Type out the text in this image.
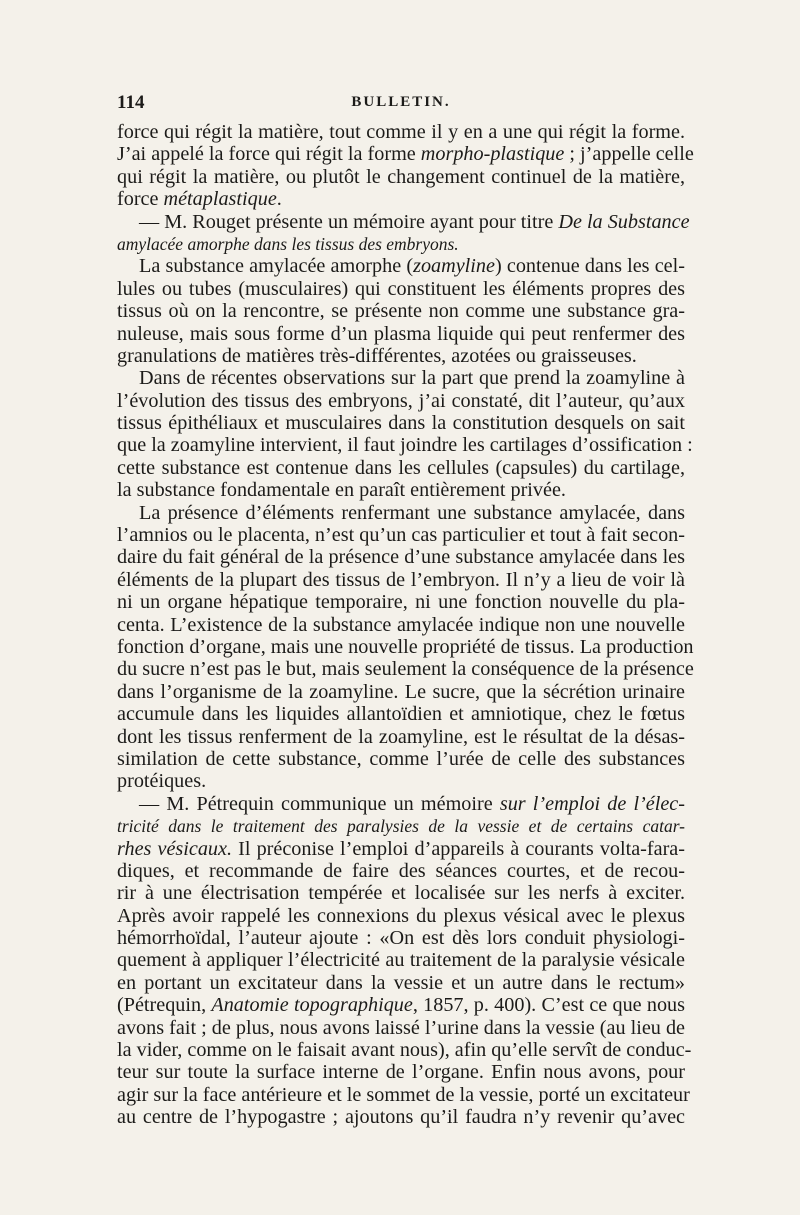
114	BULLETIN.
force qui régit la matière, tout comme il y en a une qui régit la forme.
J’ai appelé la force qui régit la forme morpho-plastique ; j’appelle celle
qui régit la matière, ou plutôt le changement continuel de la matière,
force métaplastique.
— M. Rouget présente un mémoire ayant pour titre De la Substance
amylacée amorphe dans les tissus des embryons.
La substance amylacée amorphe (zoamyline) contenue dans les cel-
lules ou tubes (musculaires) qui constituent les éléments propres des
tissus où on la rencontre, se présente non comme une substance gra-
nuleuse, mais sous forme d’un plasma liquide qui peut renfermer des
granulations de matières très-différentes, azotées ou graisseuses.
Dans de récentes observations sur la part que prend la zoamyline à
l’évolution des tissus des embryons, j’ai constaté, dit l’auteur, qu’aux
tissus épithéliaux et musculaires dans la constitution desquels on sait
que la zoamyline intervient, il faut joindre les cartilages d’ossification :
cette substance est contenue dans les cellules (capsules) du cartilage,
la substance fondamentale en paraît entièrement privée.
La présence d’éléments renfermant une substance amylacée, dans
l’amnios ou le placenta, n’est qu’un cas particulier et tout à fait secon-
daire du fait général de la présence d’une substance amylacée dans les
éléments de la plupart des tissus de l’embryon. Il n’y a lieu de voir là
ni un organe hépatique temporaire, ni une fonction nouvelle du pla-
centa. L’existence de la substance amylacée indique non une nouvelle
fonction d’organe, mais une nouvelle propriété de tissus. La production
du sucre n’est pas le but, mais seulement la conséquence de la présence
dans l’organisme de la zoamyline. Le sucre, que la sécrétion urinaire
accumule dans les liquides allantoïdien et amniotique, chez le fœtus
dont les tissus renferment de la zoamyline, est le résultat de la désas-
similation de cette substance, comme l’urée de celle des substances
protéiques.
— M. Pétrequin communique un mémoire sur l’emploi de l’élec-
tricité dans le traitement des paralysies de la vessie et de certains catar-
rhes vésicaux. Il préconise l’emploi d’appareils à courants volta-fara-
diques, et recommande de faire des séances courtes, et de recou-
rir à une électrisation tempérée et localisée sur les nerfs à exciter.
Après avoir rappelé les connexions du plexus vésical avec le plexus
hémorrhoïdal, l’auteur ajoute : «On est dès lors conduit physiologi-
quement à appliquer l’électricité au traitement de la paralysie vésicale
en portant un excitateur dans la vessie et un autre dans le rectum»
(Pétrequin, Anatomie topographique, 1857, p. 400). C’est ce que nous
avons fait ; de plus, nous avons laissé l’urine dans la vessie (au lieu de
la vider, comme on le faisait avant nous), afin qu’elle servît de conduc-
teur sur toute la surface interne de l’organe. Enfin nous avons, pour
agir sur la face antérieure et le sommet de la vessie, porté un excitateur
au centre de l’hypogastre ; ajoutons qu’il faudra n’y revenir qu’avec
